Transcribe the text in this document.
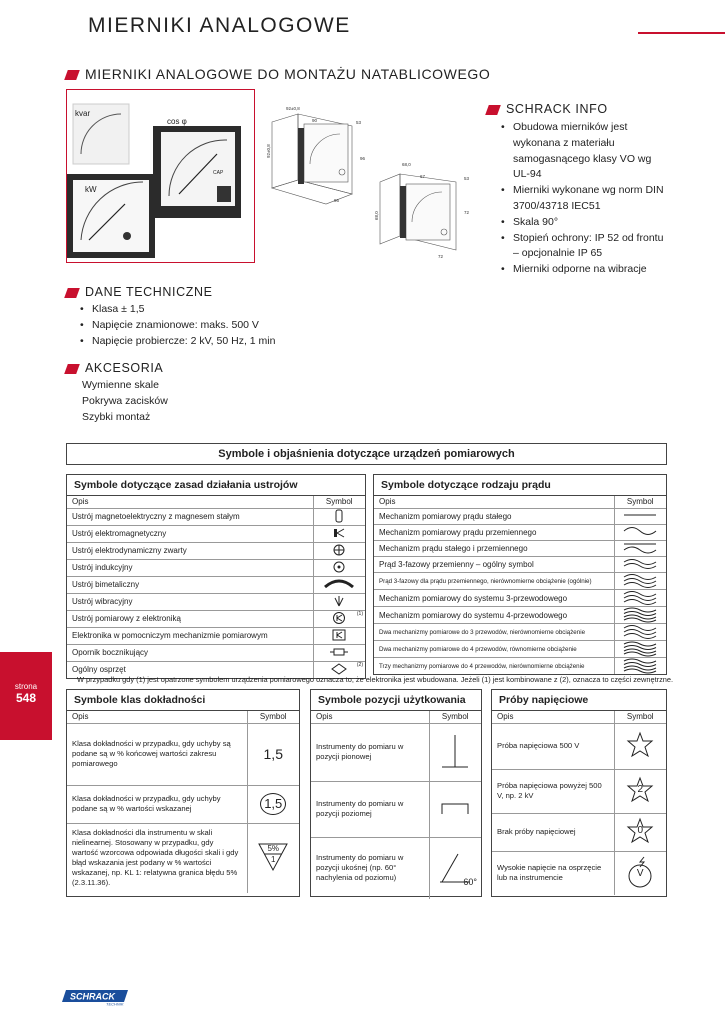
MIERNIKI ANALOGOWE
MIERNIKI ANALOGOWE DO MONTAŻU NATABLICOWEGO
kvar
cos φ
CAP
kW
92±0,8
90	53
92±0,8
96
96
68,0
67	53
68,0	72
72
SCHRACK INFO
• Obudowa mierników jest wykonana z materiału samogasnącego klasy VO wg UL-94
• Mierniki wykonane wg norm DIN 3700/43718 IEC51
• Skala 90°
• Stopień ochrony: IP 52 od frontu – opcjonalnie IP 65
• Mierniki odporne na wibracje
DANE TECHNICZNE
• Klasa ± 1,5
• Napięcie znamionowe: maks. 500 V
• Napięcie probiercze: 2 kV, 50 Hz, 1 min
AKCESORIA
Wymienne skale
Pokrywa zacisków
Szybki montaż
Symbole i objaśnienia dotyczące urządzeń pomiarowych
Symbole dotyczące zasad działania ustrojów
Opis	Symbol
Ustrój magnetoelektryczny z magnesem stałym	
Ustrój elektromagnetyczny	
Ustrój elektrodynamiczny zwarty	
Ustrój indukcyjny	
Ustrój bimetaliczny	
Ustrój wibracyjny	
Ustrój pomiarowy z elektroniką	(1)

Elektronika w pomocniczym mechanizmie pomiarowym	
Opornik bocznikujący	
Ogólny osprzęt	(2)
Symbole dotyczące rodzaju prądu
Opis	Symbol
Mechanizm pomiarowy prądu stałego	
Mechanizm pomiarowy prądu przemiennego	
Mechanizm prądu stałego i przemiennego	
Prąd 3-fazowy przemienny – ogólny symbol	
Prąd 3-fazowy dla prądu przemiennego, nierównomierne obciążenie (ogólnie)	
Mechanizm pomiarowy do systemu 3-przewodowego	
Mechanizm pomiarowy do systemu 4-przewodowego	
Dwa mechanizmy pomiarowe do 3 przewodów, nierównomierne obciążenie	
Dwa mechanizmy pomiarowe do 4 przewodów, równomierne obciążenie	
Trzy mechanizmy pomiarowe do 4 przewodów, nierównomierne obciążenie	
W przypadku gdy (1) jest opatrzone symbolem urządzenia pomiarowego oznacza to, że elektronika jest wbudowana. Jeżeli (1) jest kombinowane z (2), oznacza to części zewnętrzne.
Symbole klas dokładności
Opis	Symbol
Klasa dokładności w przypadku, gdy uchyby są podane są w % końcowej wartości zakresu pomiarowego	1,5
Klasa dokładności w przypadku, gdy uchyby podane są w % wartości wskazanej	1,5
Klasa dokładności dla instrumentu w skali nielinearnej. Stosowany w przypadku, gdy wartość wzorcowa odpowiada długości skali i gdy błąd wskazania jest podany w % wartości wskazanej, np. KL 1: relatywna granica błędu 5% (2.3.11.36).	5%
1
Symbole pozycji użytkowania
Opis	Symbol
Instrumenty do pomiaru w pozycji pionowej	
Instrumenty do pomiaru w pozycji poziomej	
Instrumenty do pomiaru w pozycji ukośnej (np. 60° nachylenia od poziomu)	60°
Próby napięciowe
Opis	Symbol
Próba napięciowa 500 V	
Próba napięciowa powyżej 500 V, np. 2 kV	2

Brak próby napięciowej	0

Wysokie napięcie na osprzęcie lub na instrumencie	V
strona
548
SCHRACK
TECHNIK
